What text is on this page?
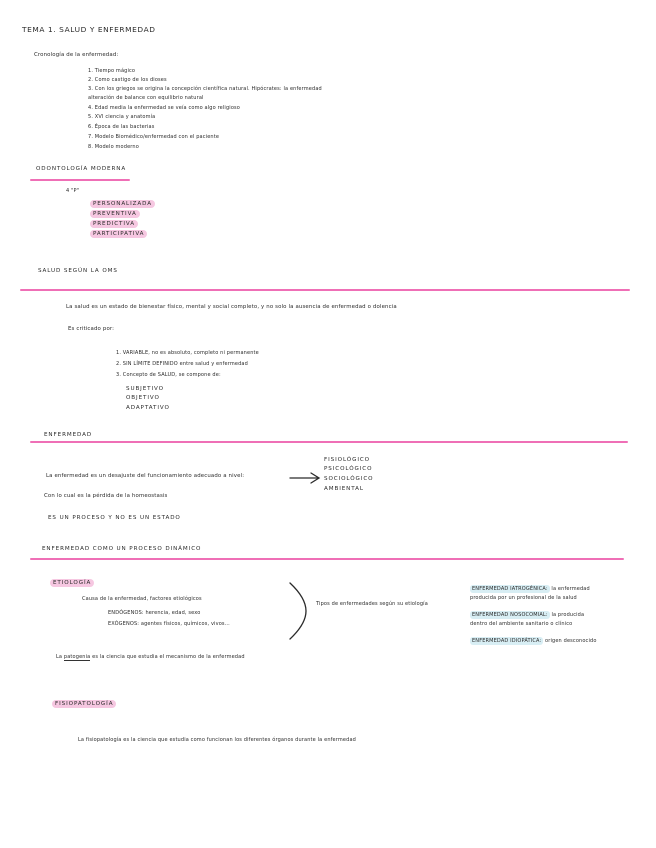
TEMA 1. SALUD Y ENFERMEDAD
Cronología de la enfermedad:
1. Tiempo mágico
2. Como castigo de los dioses
3. Con los griegos se origina la concepción científica natural. Hipócrates: la enfermedad
alteración de balance con equilibrio natural
4. Edad media la enfermedad se veía como algo religioso
5. XVI ciencia y anatomía
6. Época de las bacterias
7. Modelo Biomédico/enfermedad con el paciente
8. Modelo moderno
ODONTOLOGÍA MODERNA
4 "P"
PERSONALIZADA
PREVENTIVA
PREDICTIVA
PARTICIPATIVA
SALUD SEGÚN LA OMS
La salud es un estado de bienestar físico, mental y social completo, y no solo la ausencia de enfermedad o dolencia
Es criticado por:
1. VARIABLE, no es absoluto, completo ni permanente
2. SIN LÍMITE DEFINIDO entre salud y enfermedad
3. Concepto de SALUD, se compone de:
SUBJETIVO
OBJETIVO
ADAPTATIVO
ENFERMEDAD
La enfermedad es un desajuste del funcionamiento adecuado a nivel:
FISIOLÓGICO
PSICOLÓGICO
SOCIOLÓGICO
AMBIENTAL
Con lo cual es la pérdida de la homeostasis
ES UN PROCESO Y NO ES UN ESTADO
ENFERMEDAD COMO UN PROCESO DINÁMICO
ETIOLOGÍA
Causa de la enfermedad, factores etiológicos
ENDÓGENOS: herencia, edad, sexo
EXÓGENOS: agentes físicos, químicos, vivos...
Tipos de enfermedades según su etiología
ENFERMEDAD IATROGÉNICA: la enfermedad
producida por un profesional de la salud
ENFERMEDAD NOSOCOMIAL: la producida
dentro del ambiente sanitario o clínico
ENFERMEDAD IDIOPÁTICA: origen desconocido
La patogenia es la ciencia que estudia el mecanismo de la enfermedad
FISIOPATOLOGÍA
La fisiopatología es la ciencia que estudia como funcionan los diferentes órganos durante la enfermedad
